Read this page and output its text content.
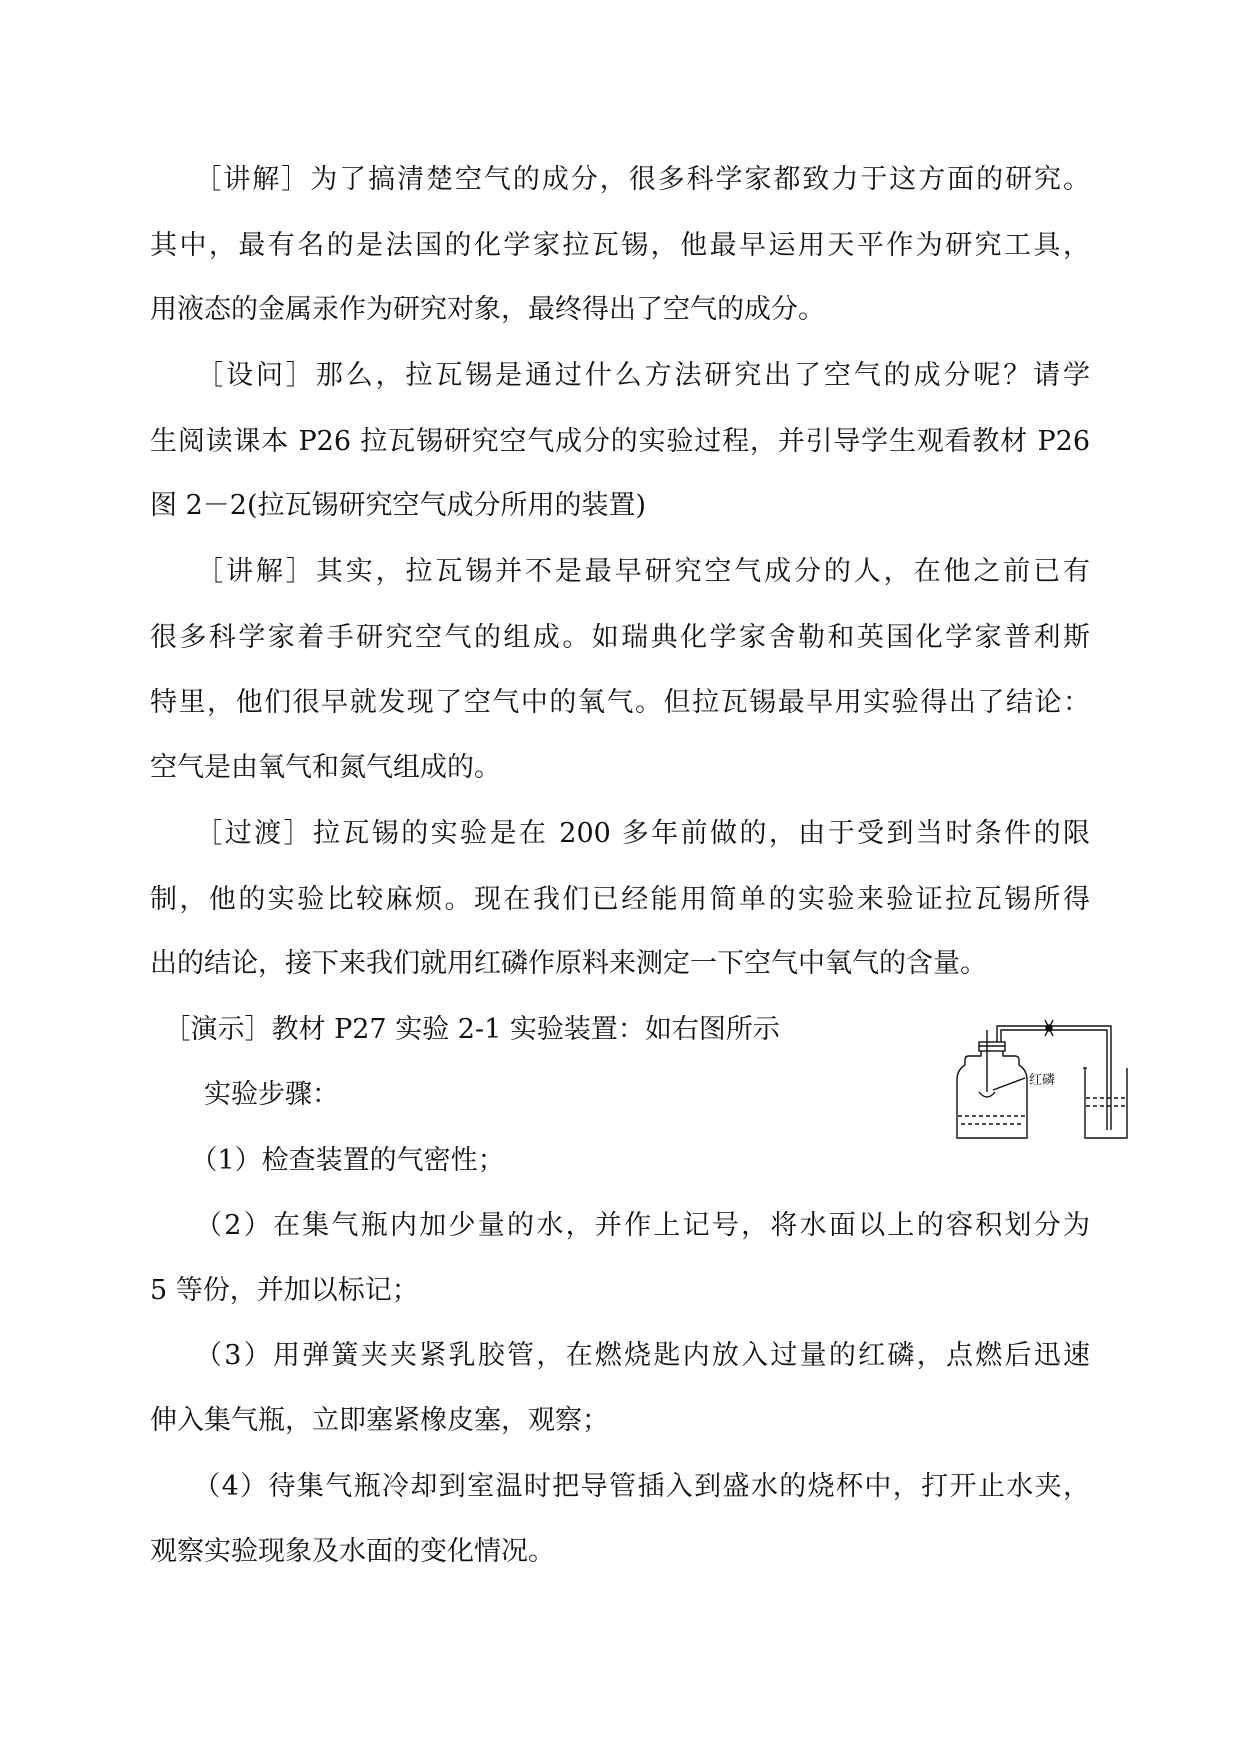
　　［讲解］为了搞清楚空气的成分，很多科学家都致力于这方面的研究。
其中，最有名的是法国的化学家拉瓦锡，他最早运用天平作为研究工具，
用液态的金属汞作为研究对象，最终得出了空气的成分。
　　［设问］那么，拉瓦锡是通过什么方法研究出了空气的成分呢？请学
生阅读课本 P26 拉瓦锡研究空气成分的实验过程，并引导学生观看教材 P26
图 2－2(拉瓦锡研究空气成分所用的装置)
　　［讲解］其实，拉瓦锡并不是最早研究空气成分的人，在他之前已有
很多科学家着手研究空气的组成。如瑞典化学家舍勒和英国化学家普利斯
特里，他们很早就发现了空气中的氧气。但拉瓦锡最早用实验得出了结论：
空气是由氧气和氮气组成的。
　　［过渡］拉瓦锡的实验是在 200 多年前做的，由于受到当时条件的限
制，他的实验比较麻烦。现在我们已经能用简单的实验来验证拉瓦锡所得
出的结论，接下来我们就用红磷作原料来测定一下空气中氧气的含量。
　［演示］教材 P27 实验 2-1 实验装置：如右图所示
　　实验步骤：
　　（1）检查装置的气密性；
　　（2）在集气瓶内加少量的水，并作上记号，将水面以上的容积划分为
5 等份，并加以标记；
　　（3）用弹簧夹夹紧乳胶管，在燃烧匙内放入过量的红磷，点燃后迅速
伸入集气瓶，立即塞紧橡皮塞，观察；
　　（4）待集气瓶冷却到室温时把导管插入到盛水的烧杯中，打开止水夹，
观察实验现象及水面的变化情况。
红磷
